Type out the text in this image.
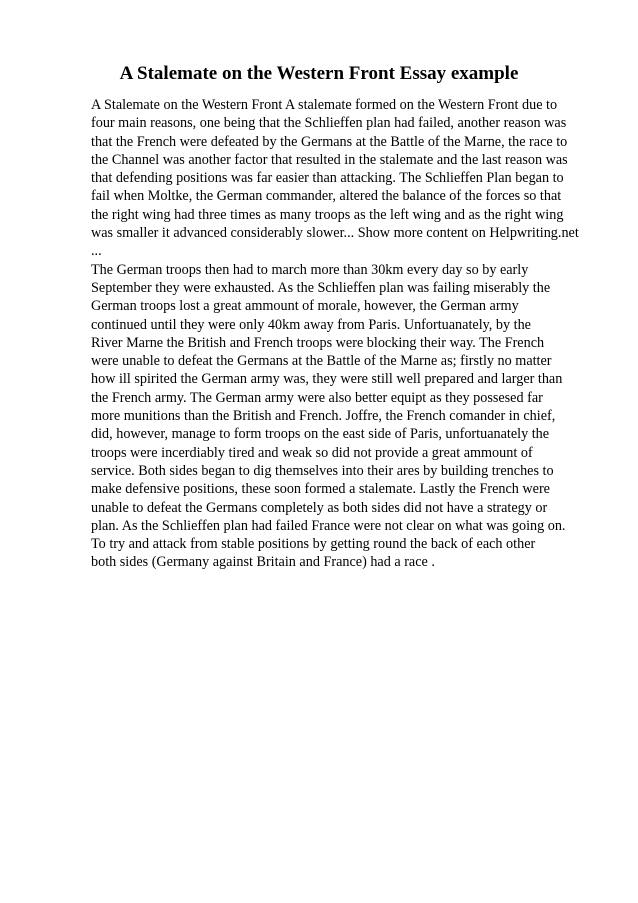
A Stalemate on the Western Front Essay example
A Stalemate on the Western Front A stalemate formed on the Western Front due to
four main reasons, one being that the Schlieffen plan had failed, another reason was
that the French were defeated by the Germans at the Battle of the Marne, the race to
the Channel was another factor that resulted in the stalemate and the last reason was
that defending positions was far easier than attacking. The Schlieffen Plan began to
fail when Moltke, the German commander, altered the balance of the forces so that
the right wing had three times as many troops as the left wing and as the right wing
was smaller it advanced considerably slower... Show more content on Helpwriting.net
...
The German troops then had to march more than 30km every day so by early
September they were exhausted. As the Schlieffen plan was failing miserably the
German troops lost a great ammount of morale, however, the German army
continued until they were only 40km away from Paris. Unfortuanately, by the
River Marne the British and French troops were blocking their way. The French
were unable to defeat the Germans at the Battle of the Marne as; firstly no matter
how ill spirited the German army was, they were still well prepared and larger than
the French army. The German army were also better equipt as they possesed far
more munitions than the British and French. Joffre, the French comander in chief,
did, however, manage to form troops on the east side of Paris, unfortuanately the
troops were incerdiably tired and weak so did not provide a great ammount of
service. Both sides began to dig themselves into their ares by building trenches to
make defensive positions, these soon formed a stalemate. Lastly the French were
unable to defeat the Germans completely as both sides did not have a strategy or
plan. As the Schlieffen plan had failed France were not clear on what was going on.
To try and attack from stable positions by getting round the back of each other
both sides (Germany against Britain and France) had a race .
